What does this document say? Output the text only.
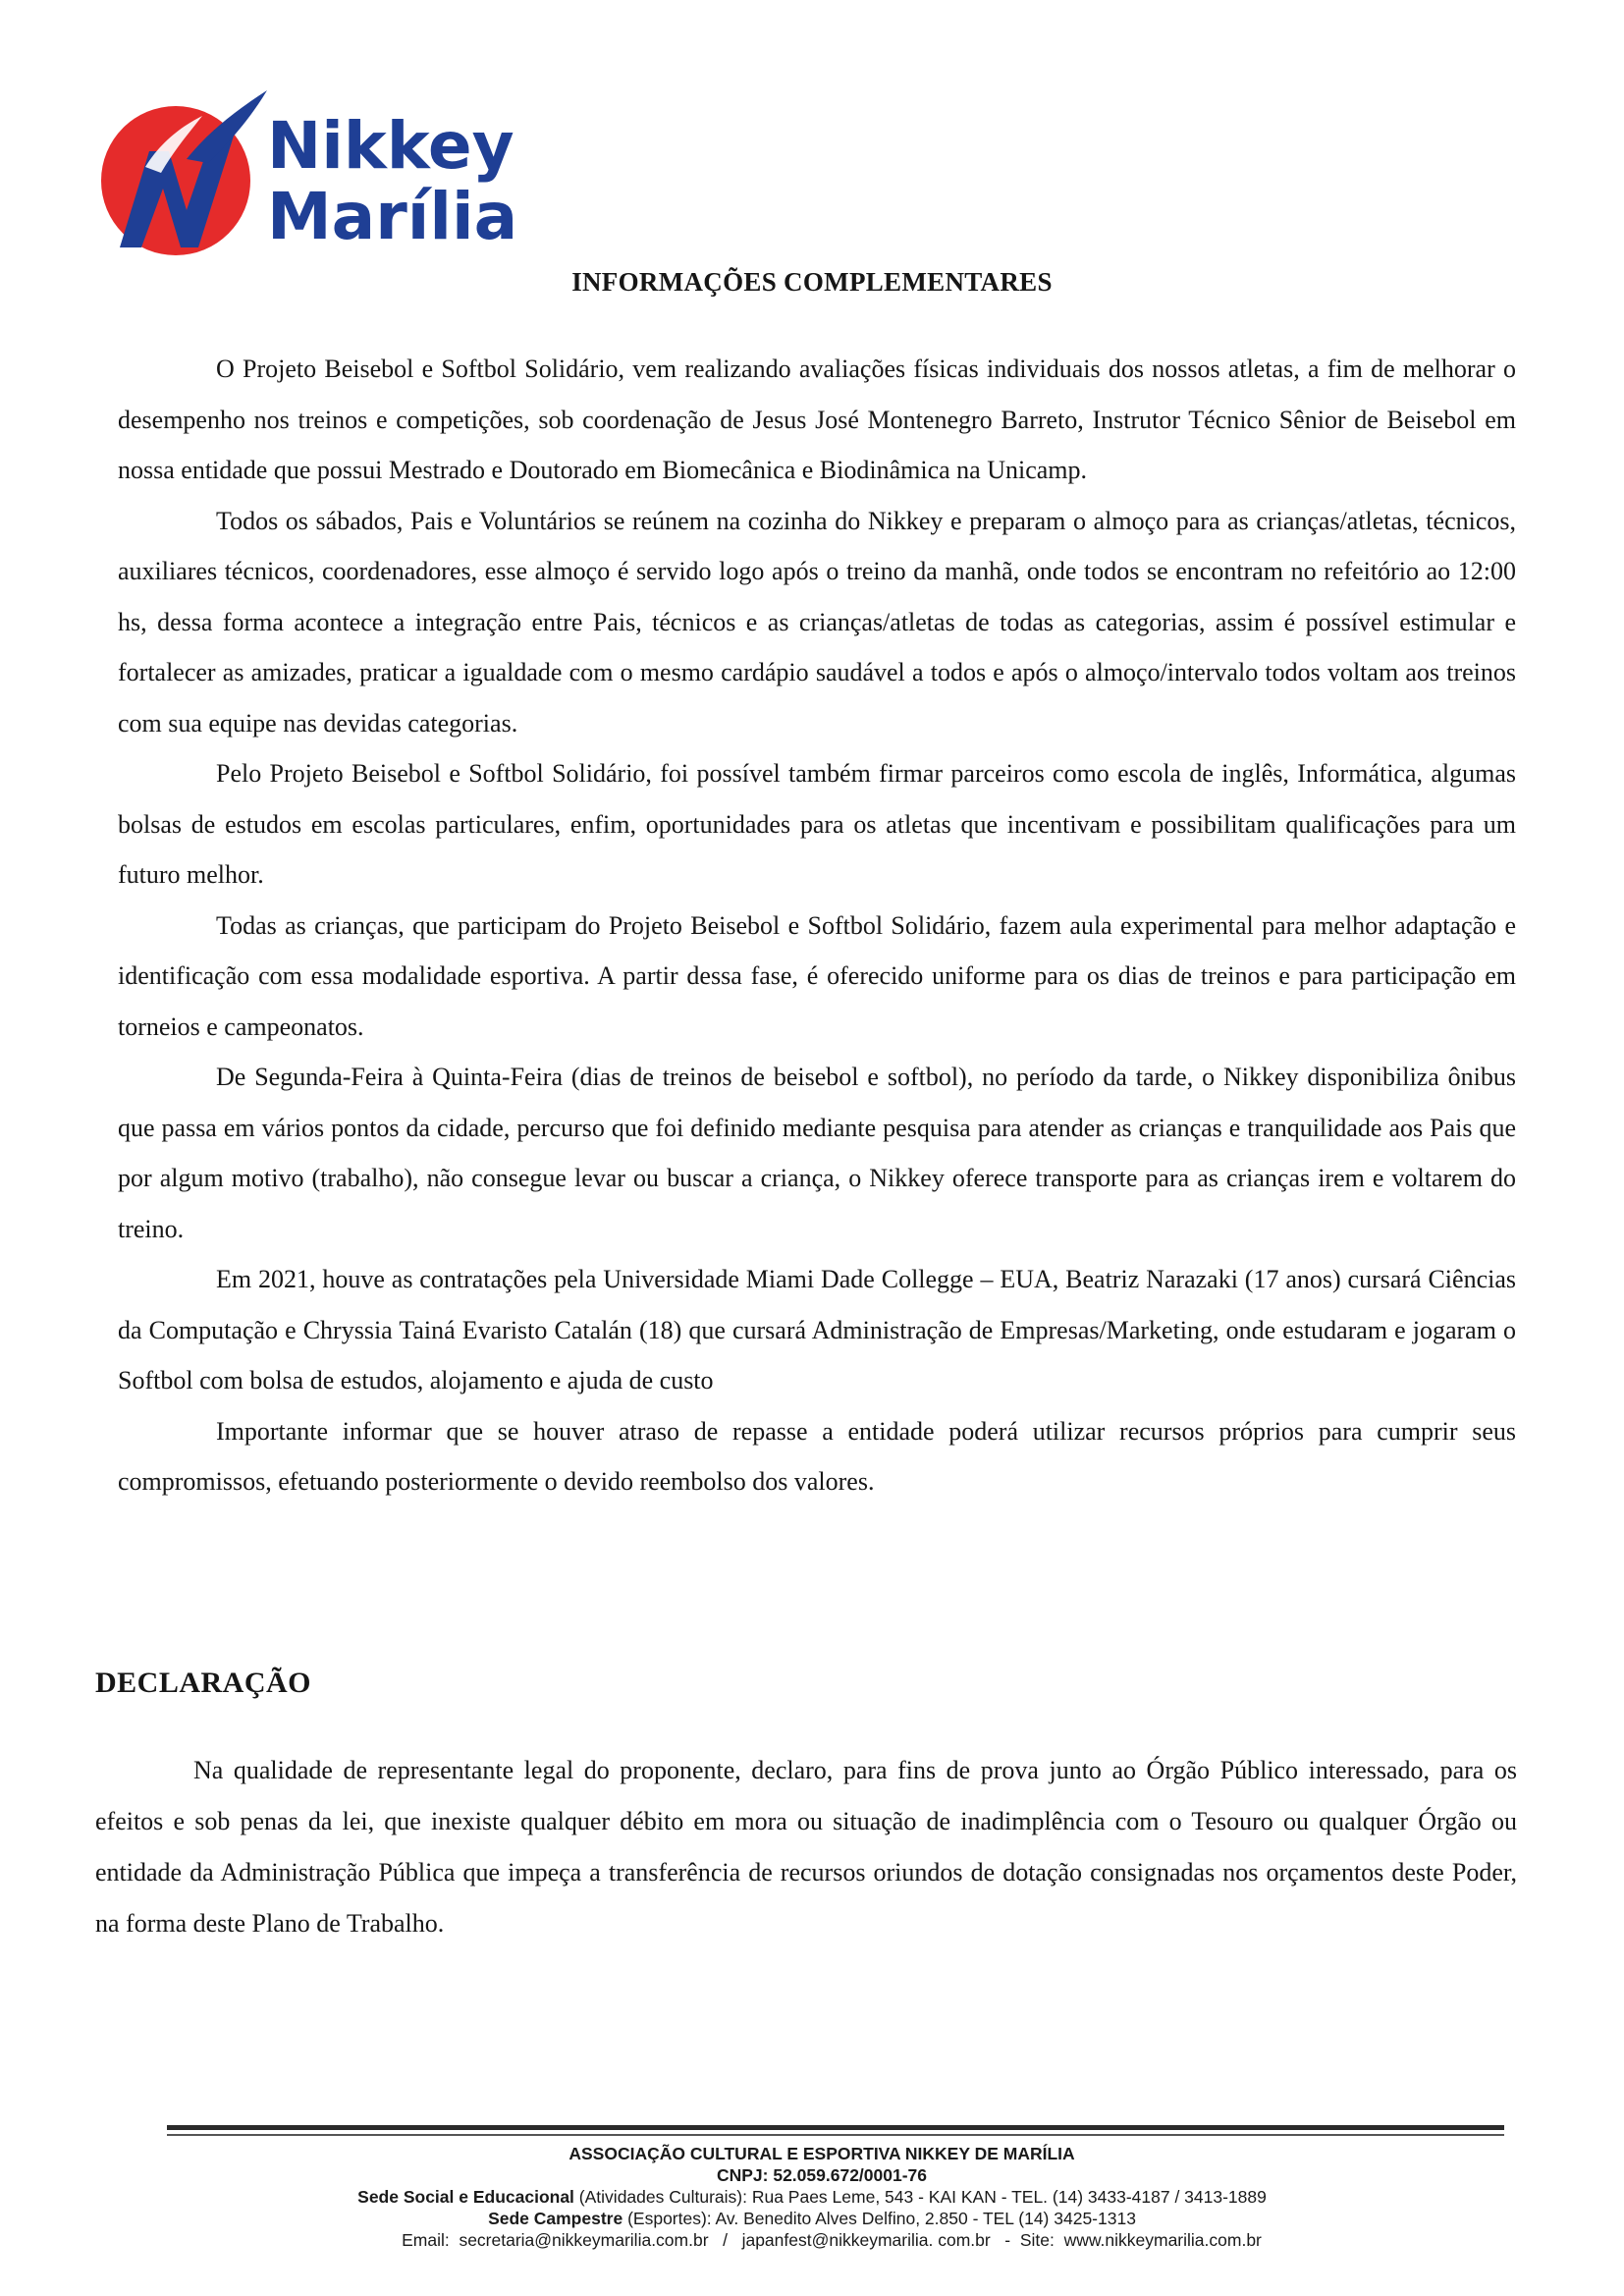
Nikkey
Marília
INFORMAÇÕES COMPLEMENTARES

O Projeto Beisebol e Softbol Solidário, vem realizando avaliações físicas individuais dos nossos atletas, a fim de melhorar o desempenho nos treinos e competições, sob coordenação de Jesus José Montenegro Barreto, Instrutor Técnico Sênior de Beisebol em nossa entidade que possui Mestrado e Doutorado em Biomecânica e Biodinâmica na Unicamp.

Todos os sábados, Pais e Voluntários se reúnem na cozinha do Nikkey e preparam o almoço para as crianças/atletas, técnicos, auxiliares técnicos, coordenadores, esse almoço é servido logo após o treino da manhã, onde todos se encontram no refeitório ao 12:00 hs, dessa forma acontece a integração entre Pais, técnicos e as crianças/atletas de todas as categorias, assim é possível estimular e fortalecer as amizades, praticar a igualdade com o mesmo cardápio saudável a todos e após o almoço/intervalo todos voltam aos treinos com sua equipe nas devidas categorias.

Pelo Projeto Beisebol e Softbol Solidário, foi possível também firmar parceiros como escola de inglês, Informática, algumas bolsas de estudos em escolas particulares, enfim, oportunidades para os atletas que incentivam e possibilitam qualificações para um futuro melhor.

Todas as crianças, que participam do Projeto Beisebol e Softbol Solidário, fazem aula experimental para melhor adaptação e identificação com essa modalidade esportiva. A partir dessa fase, é oferecido uniforme para os dias de treinos e para participação em torneios e campeonatos.

De Segunda-Feira à Quinta-Feira (dias de treinos de beisebol e softbol), no período da tarde, o Nikkey disponibiliza ônibus que passa em vários pontos da cidade, percurso que foi definido mediante pesquisa para atender as crianças e tranquilidade aos Pais que por algum motivo (trabalho), não consegue levar ou buscar a criança, o Nikkey oferece transporte para as crianças irem e voltarem do treino.

Em 2021, houve as contratações pela Universidade Miami Dade Collegge – EUA, Beatriz Narazaki (17 anos) cursará Ciências da Computação e Chryssia Tainá Evaristo Catalán (18) que cursará Administração de Empresas/Marketing, onde estudaram e jogaram o Softbol com bolsa de estudos, alojamento e ajuda de custo

Importante informar que se houver atraso de repasse a entidade poderá utilizar recursos próprios para cumprir seus compromissos, efetuando posteriormente o devido reembolso dos valores.

DECLARAÇÃO

Na qualidade de representante legal do proponente, declaro, para fins de prova junto ao Órgão Público interessado, para os efeitos e sob penas da lei, que inexiste qualquer débito em mora ou situação de inadimplência com o Tesouro ou qualquer Órgão ou entidade da Administração Pública que impeça a transferência de recursos oriundos de dotação consignadas nos orçamentos deste Poder, na forma deste Plano de Trabalho.

ASSOCIAÇÃO CULTURAL E ESPORTIVA NIKKEY DE MARÍLIA
CNPJ: 52.059.672/0001-76
Sede Social e Educacional (Atividades Culturais): Rua Paes Leme, 543 - KAI KAN - TEL. (14) 3433-4187 / 3413-1889
Sede Campestre (Esportes): Av. Benedito Alves Delfino, 2.850 - TEL (14) 3425-1313
Email:  secretaria@nikkeymarilia.com.br   /   japanfest@nikkeymarilia. com.br   -  Site:  www.nikkeymarilia.com.br
